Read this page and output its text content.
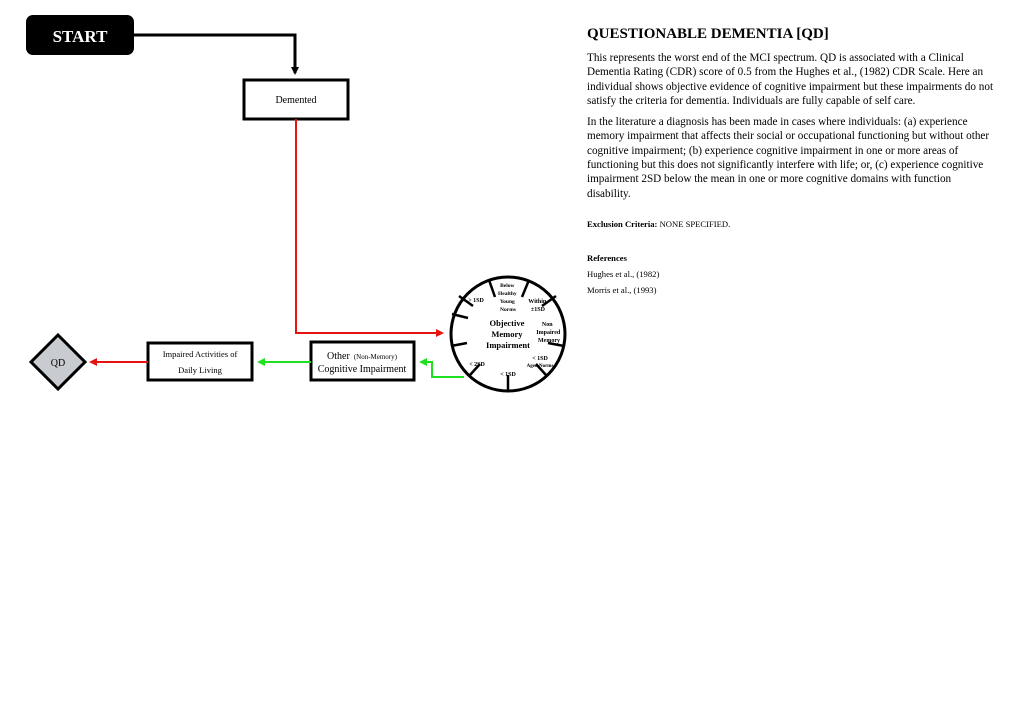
START
Demented
Objective Memory Impairment
Below Healthy Young Norms
> 1SD	Within ±1SD
Non Impaired Memory
< 1SD Aged Norms
< 1SD
< 2SD
Other (Non-Memory)
Cognitive Impairment
Impaired Activities of
Daily Living
QD
QUESTIONABLE DEMENTIA [QD]

This represents the worst end of the MCI spectrum. QD is associated with a Clinical Dementia Rating (CDR) score of 0.5 from the Hughes et al., (1982) CDR Scale. Here an individual shows objective evidence of cognitive impairment but these impairments do not satisfy the criteria for dementia. Individuals are fully capable of self care.

In the literature a diagnosis has been made in cases where individuals: (a) experience memory impairment that affects their social or occupational functioning but without other cognitive impairment; (b) experience cognitive impairment in one or more areas of functioning but this does not significantly interfere with life; or, (c) experience cognitive impairment 2SD below the mean in one or more cognitive domains with function disability.

Exclusion Criteria: NONE SPECIFIED.

References

Hughes et al., (1982)

Morris et al., (1993)
